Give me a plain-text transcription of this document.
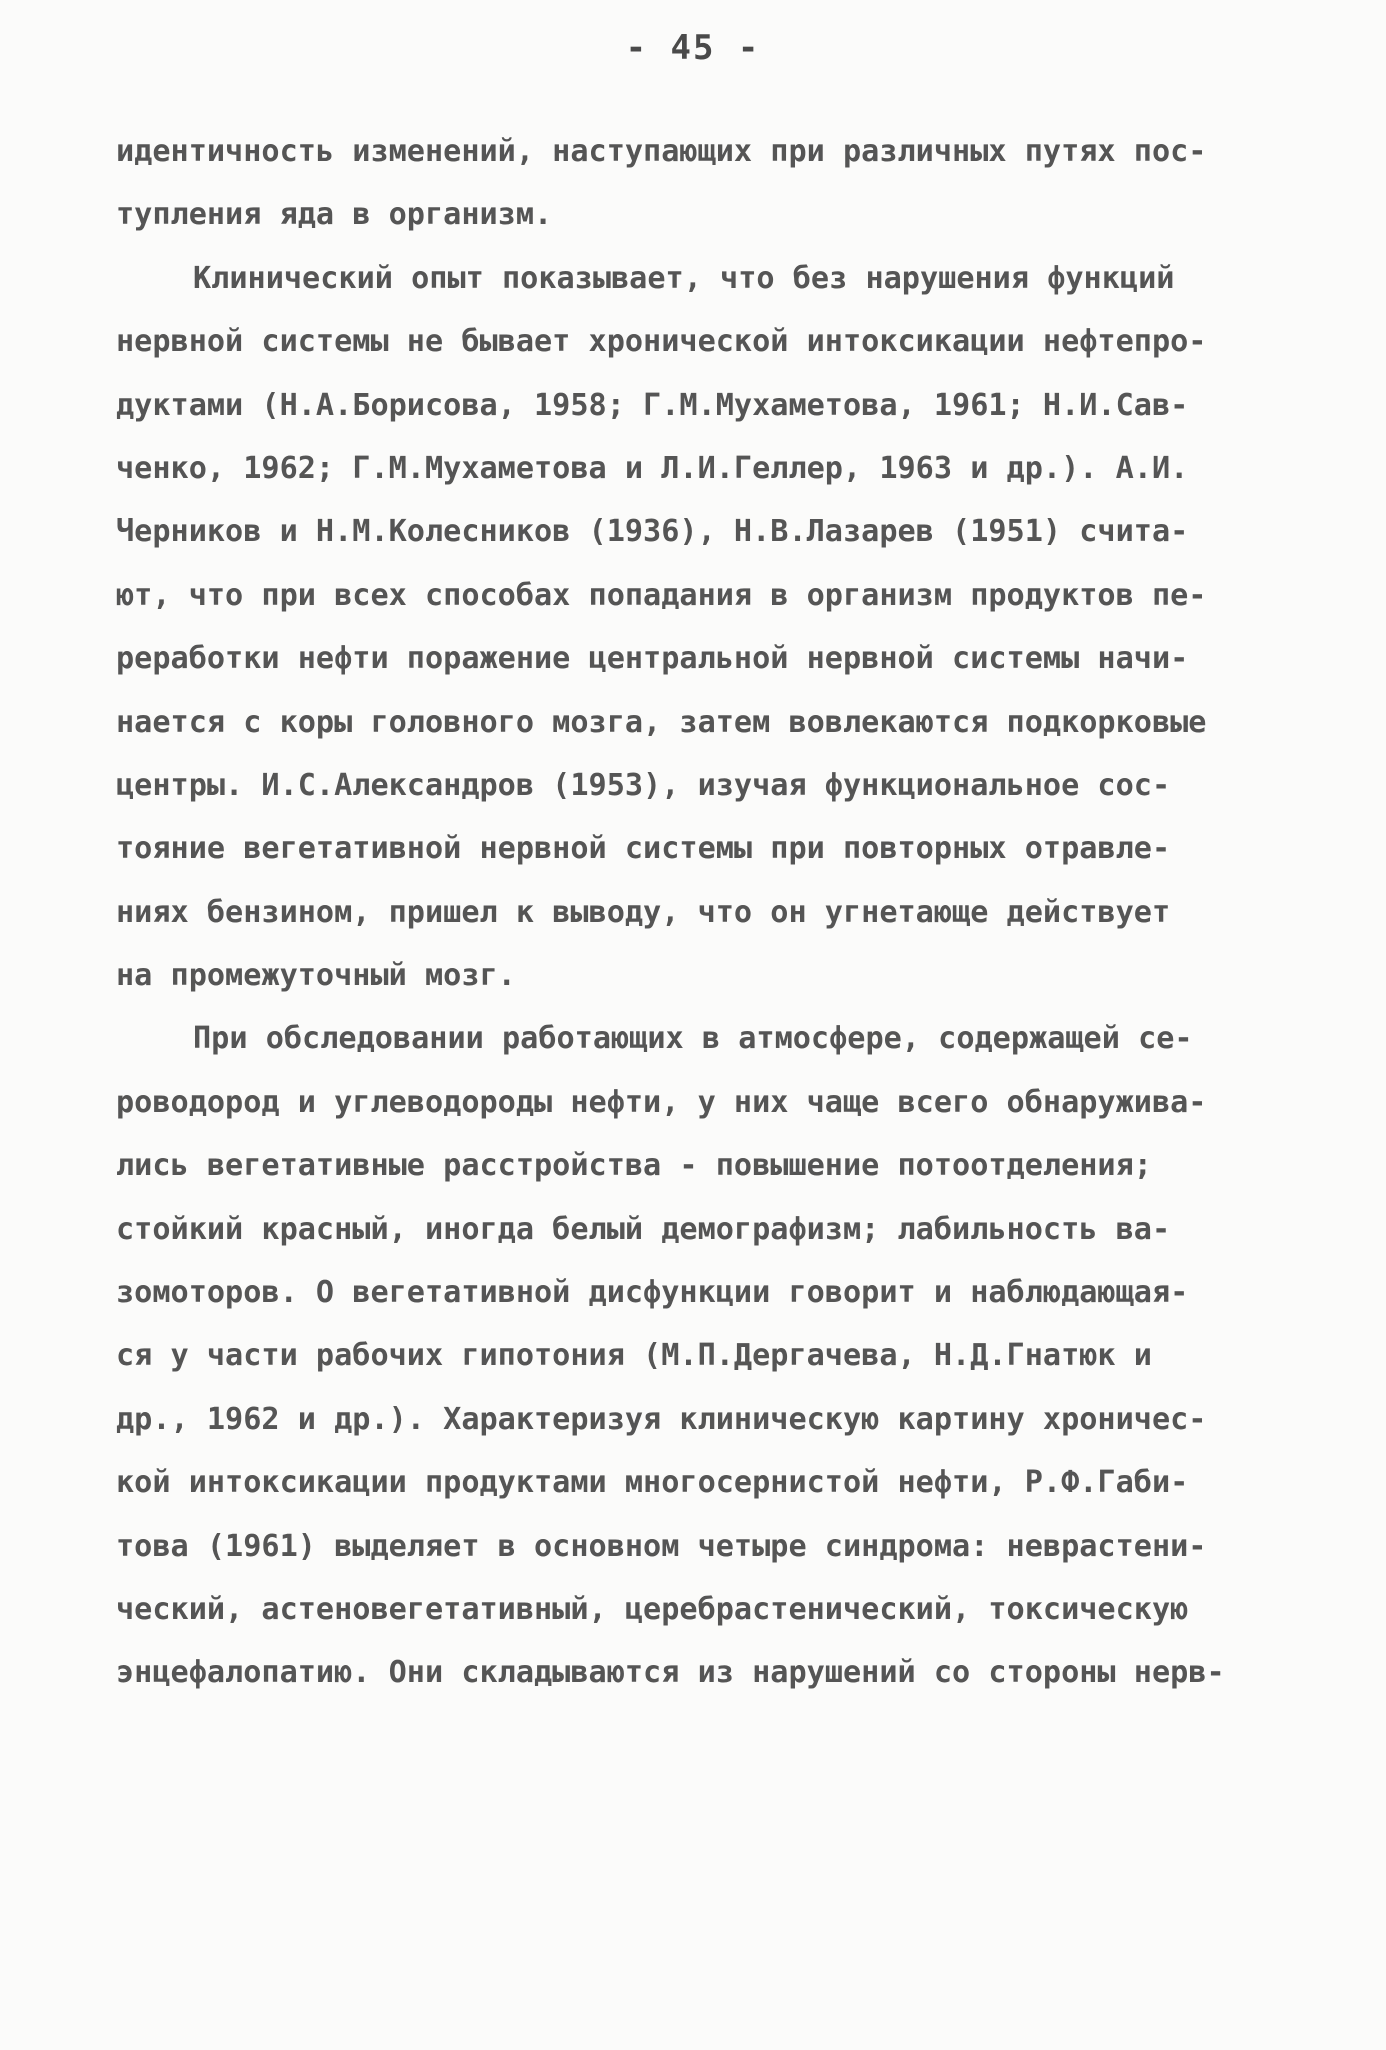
- 45 -
идентичность изменений, наступающих при различных путях пос-
тупления яда в организм.
Клинический опыт показывает, что без нарушения функций
нервной системы не бывает хронической интоксикации нефтепро-
дуктами (Н.А.Борисова, 1958; Г.М.Мухаметова, 1961; Н.И.Сав-
ченко, 1962; Г.М.Мухаметова и Л.И.Геллер, 1963 и др.). А.И.
Черников и Н.М.Колесников (1936), Н.В.Лазарев (1951) счита-
ют, что при всех способах попадания в организм продуктов пе-
реработки нефти поражение центральной нервной системы начи-
нается с коры головного мозга, затем вовлекаются подкорковые
центры. И.С.Александров (1953), изучая функциональное сос-
тояние вегетативной нервной системы при повторных отравле-
ниях бензином, пришел к выводу, что он угнетающе действует
на промежуточный мозг.
При обследовании работающих в атмосфере, содержащей се-
роводород и углеводороды нефти, у них чаще всего обнаружива-
лись вегетативные расстройства - повышение потоотделения;
стойкий красный, иногда белый демографизм; лабильность ва-
зомоторов. О вегетативной дисфункции говорит и наблюдающая-
ся у части рабочих гипотония (М.П.Дергачева, Н.Д.Гнатюк и
др., 1962 и др.). Характеризуя клиническую картину хроничес-
кой интоксикации продуктами многосернистой нефти, Р.Ф.Габи-
това (1961) выделяет в основном четыре синдрома: неврастени-
ческий, астеновегетативный, церебрастенический, токсическую
энцефалопатию. Они складываются из нарушений со стороны нерв-
